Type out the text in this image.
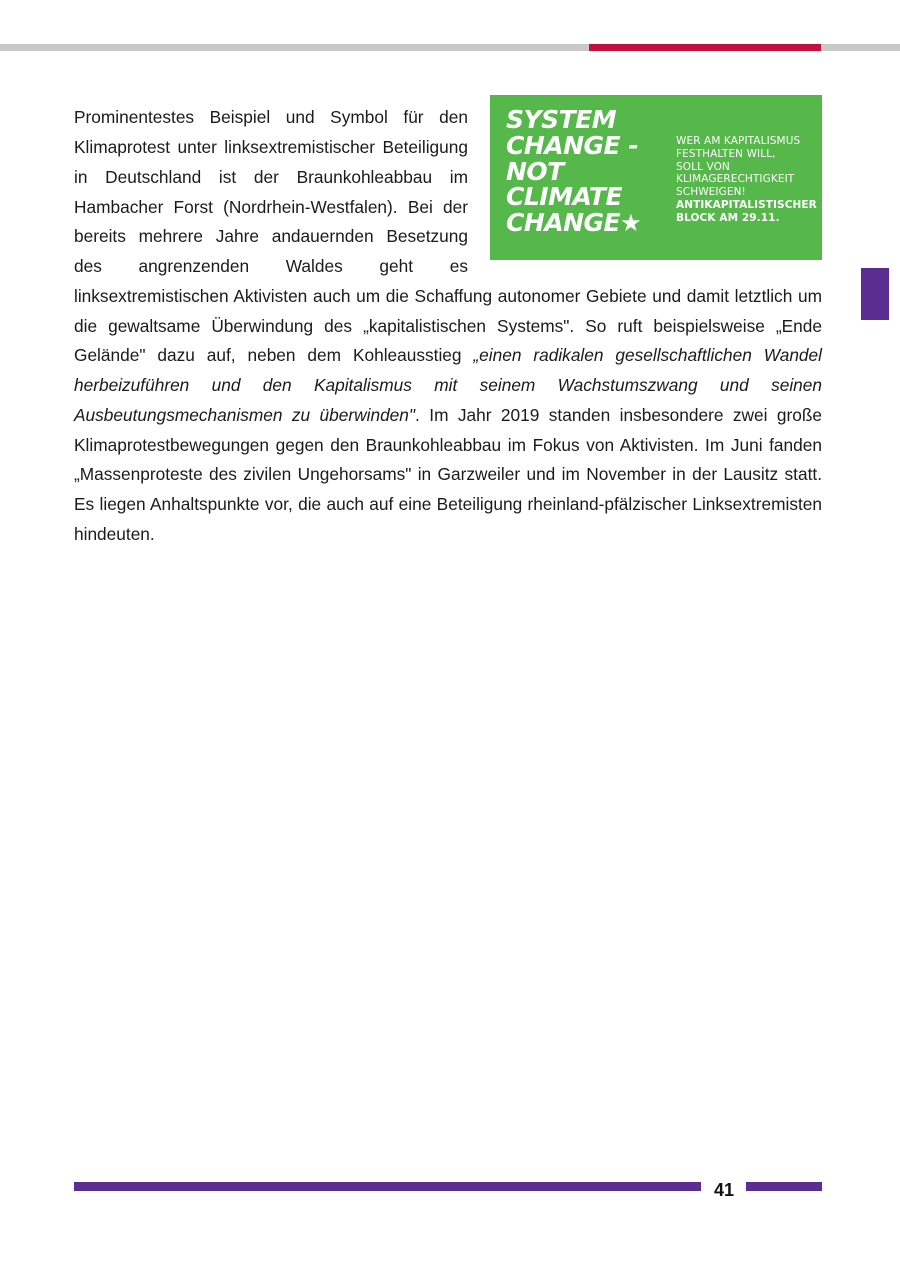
SYSTEM
CHANGE -
NOT
CLIMATE
CHANGE★
WER AM KAPITALISMUS
FESTHALTEN WILL,
SOLL VON
KLIMAGERECHTIGKEIT
SCHWEIGEN!
ANTIKAPITALISTISCHER
BLOCK AM 29.11.

Prominentestes Beispiel und Symbol für den Klimaprotest unter linksextremistischer Beteiligung in Deutschland ist der Braunkohleabbau im Hambacher Forst (Nordrhein-Westfalen). Bei der bereits mehrere Jahre andauernden Besetzung des angrenzenden Waldes geht es linksextremistischen Aktivisten auch um die Schaffung autonomer Gebiete und damit letztlich um die gewaltsame Überwindung des „kapitalistischen Systems". So ruft beispielsweise „Ende Gelände" dazu auf, neben dem Kohleausstieg „einen radikalen gesellschaftlichen Wandel herbeizuführen und den Kapitalismus mit seinem Wachstumszwang und seinen Ausbeutungsmechanismen zu überwinden". Im Jahr 2019 standen insbesondere zwei große Klimaprotestbewegungen gegen den Braunkohleabbau im Fokus von Aktivisten. Im Juni fanden „Massenproteste des zivilen Ungehorsams" in Garzweiler und im November in der Lausitz statt. Es liegen Anhaltspunkte vor, die auch auf eine Beteiligung rheinland-pfälzischer Linksextremisten hindeuten.

41
